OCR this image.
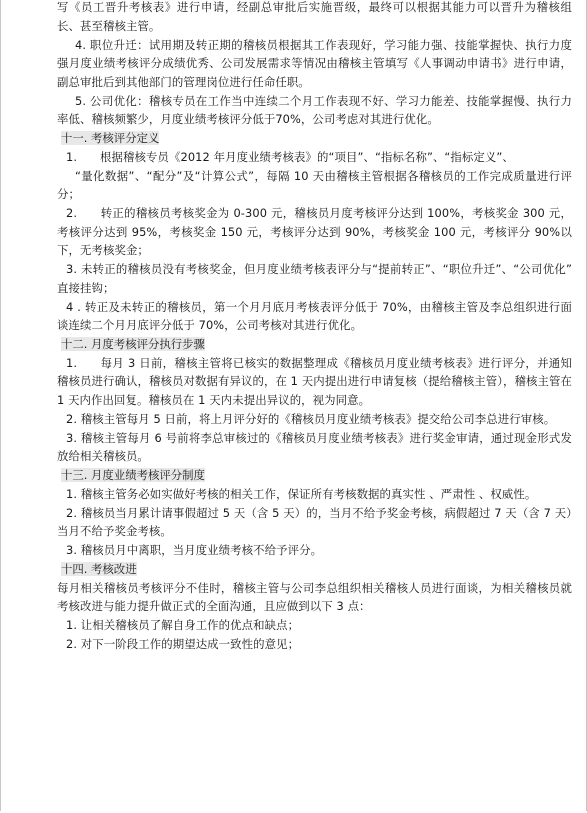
写《员工晋升考核表》进行申请，经副总审批后实施晋级，最终可以根据其能力可以晋升为稽核组长、甚至稽核主管。

4. 职位升迁：试用期及转正期的稽核员根据其工作表现好，学习能力强、技能掌握快、执行力度强月度业绩考核评分成绩优秀、公司发展需求等情况由稽核主管填写《人事调动申请书》进行申请，副总审批后到其他部门的管理岗位进行任命任职。

5. 公司优化：稽核专员在工作当中连续二个月工作表现不好、学习力能差、技能掌握慢、执行力率低、稽核频繁少，月度业绩考核评分低于70%，公司考虑对其进行优化。

十一. 考核评分定义

1.　　根据稽核专员《2012 年月度业绩考核表》的“项目”、“指标名称”、“指标定义”、

“量化数据”、“配分”及“计算公式”，每隔 10 天由稽核主管根据各稽核员的工作完成质量进行评分；

2.　　转正的稽核员考核奖金为 0-300 元，稽核员月度考核评分达到 100%，考核奖金 300 元，考核评分达到 95%，考核奖金 150 元，考核评分达到 90%，考核奖金 100 元，考核评分 90%以下，无考核奖金；

3. 未转正的稽核员没有考核奖金，但月度业绩考核表评分与“提前转正”、“职位升迁”、“公司优化” 直接挂钩；

4 . 转正及未转正的稽核员，第一个月月底月考核表评分低于 70%，由稽核主管及李总组织进行面谈连续二个月月底评分低于 70%，公司考核对其进行优化。

十二. 月度考核评分执行步骤

1.　　每月 3 日前，稽核主管将已核实的数据整理成《稽核员月度业绩考核表》进行评分，并通知稽核员进行确认，稽核员对数据有异议的，在 1 天内提出进行申请复核（提给稽核主管），稽核主管在 1 天内作出回复。稽核员在 1 天内未提出异议的，视为同意。

2. 稽核主管每月 5 日前，将上月评分好的《稽核员月度业绩考核表》提交给公司李总进行审核。

3. 稽核主管每月 6 号前将李总审核过的《稽核员月度业绩考核表》进行奖金审请，通过现金形式发放给相关稽核员。

十三. 月度业绩考核评分制度

1. 稽核主管务必如实做好考核的相关工作，保证所有考核数据的真实性 、严肃性 、权威性。

2. 稽核员当月累计请事假超过 5 天（含 5 天）的，当月不给予奖金考核，病假超过 7 天（含 7 天）当月不给予奖金考核。

3. 稽核员月中离职，当月度业绩考核不给予评分。

十四. 考核改进

每月相关稽核员考核评分不佳时，稽核主管与公司李总组织相关稽核人员进行面谈，为相关稽核员就考核改进与能力提升做正式的全面沟通，且应做到以下 3 点：

1. 让相关稽核员了解自身工作的优点和缺点；

2. 对下一阶段工作的期望达成一致性的意见；
